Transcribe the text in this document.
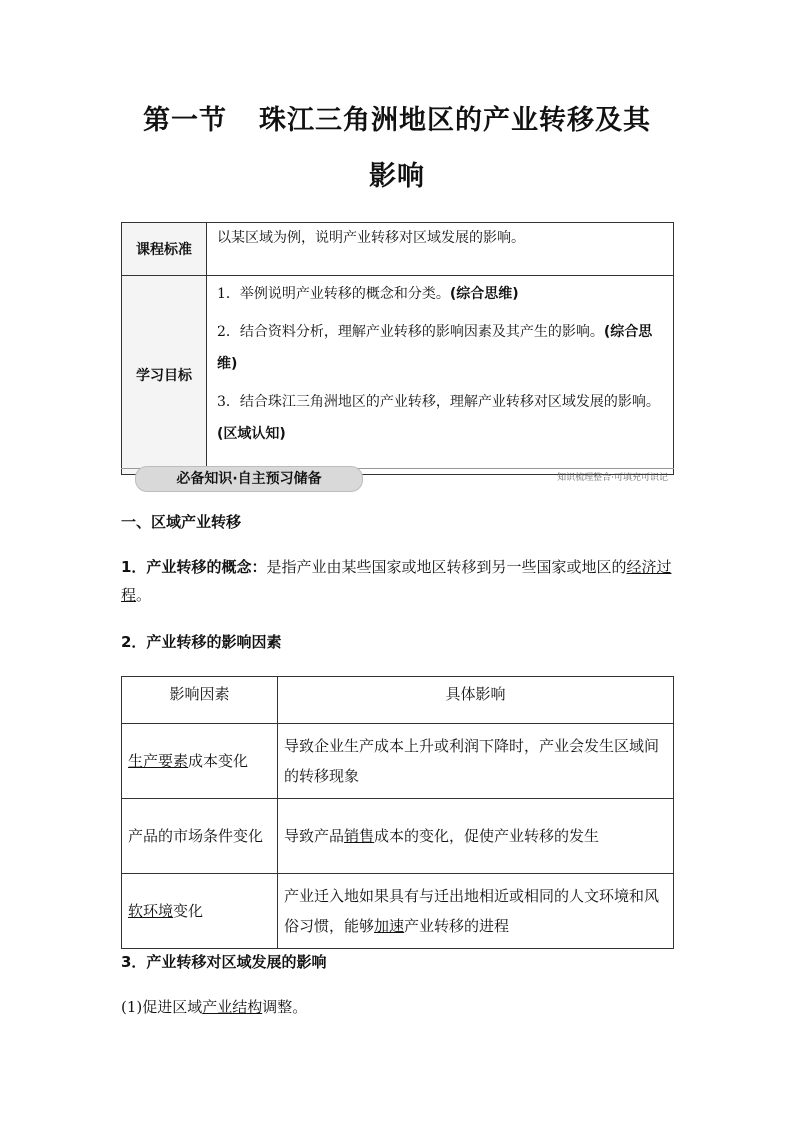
第一节 珠江三角洲地区的产业转移及其
影响
课程标准	以某区域为例，说明产业转移对区域发展的影响。
学习目标	1．举例说明产业转移的概念和分类。(综合思维)
2．结合资料分析，理解产业转移的影响因素及其产生的影响。(综合思维)
3．结合珠江三角洲地区的产业转移，理解产业转移对区域发展的影响。(区域认知)
必备知识·自主预习储备	知识梳理整合·可填充可识记
一、区域产业转移
1．产业转移的概念：是指产业由某些国家或地区转移到另一些国家或地区的经济过程。
2．产业转移的影响因素
影响因素	具体影响
生产要素成本变化	导致企业生产成本上升或利润下降时，产业会发生区域间的转移现象
产品的市场条件变化	导致产品销售成本的变化，促使产业转移的发生
软环境变化	产业迁入地如果具有与迁出地相近或相同的人文环境和风俗习惯，能够加速产业转移的进程
3．产业转移对区域发展的影响
(1)促进区域产业结构调整。
